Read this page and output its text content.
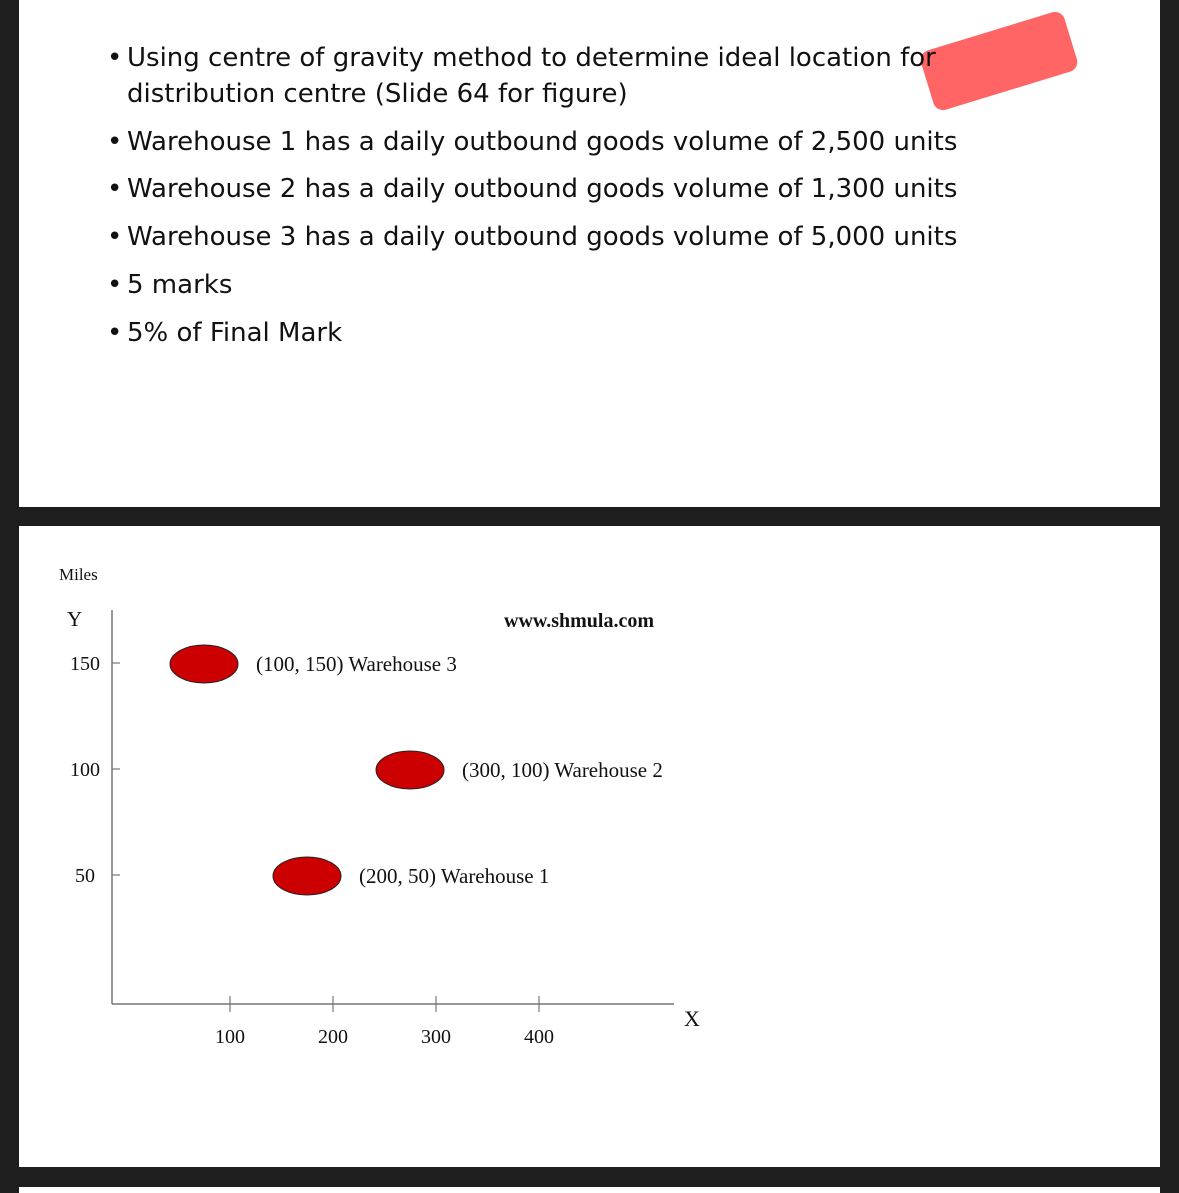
• Using centre of gravity method to determine ideal location for
distribution centre (Slide 64 for figure)
• Warehouse 1 has a daily outbound goods volume of 2,500 units
• Warehouse 2 has a daily outbound goods volume of 1,300 units
• Warehouse 3 has a daily outbound goods volume of 5,000 units
• 5 marks
• 5% of Final Mark
Miles
Y
X
www.shmula.com
100	200	300	400
50
100
150	(100, 150) Warehouse 3
(300, 100) Warehouse 2
(200, 50) Warehouse 1
